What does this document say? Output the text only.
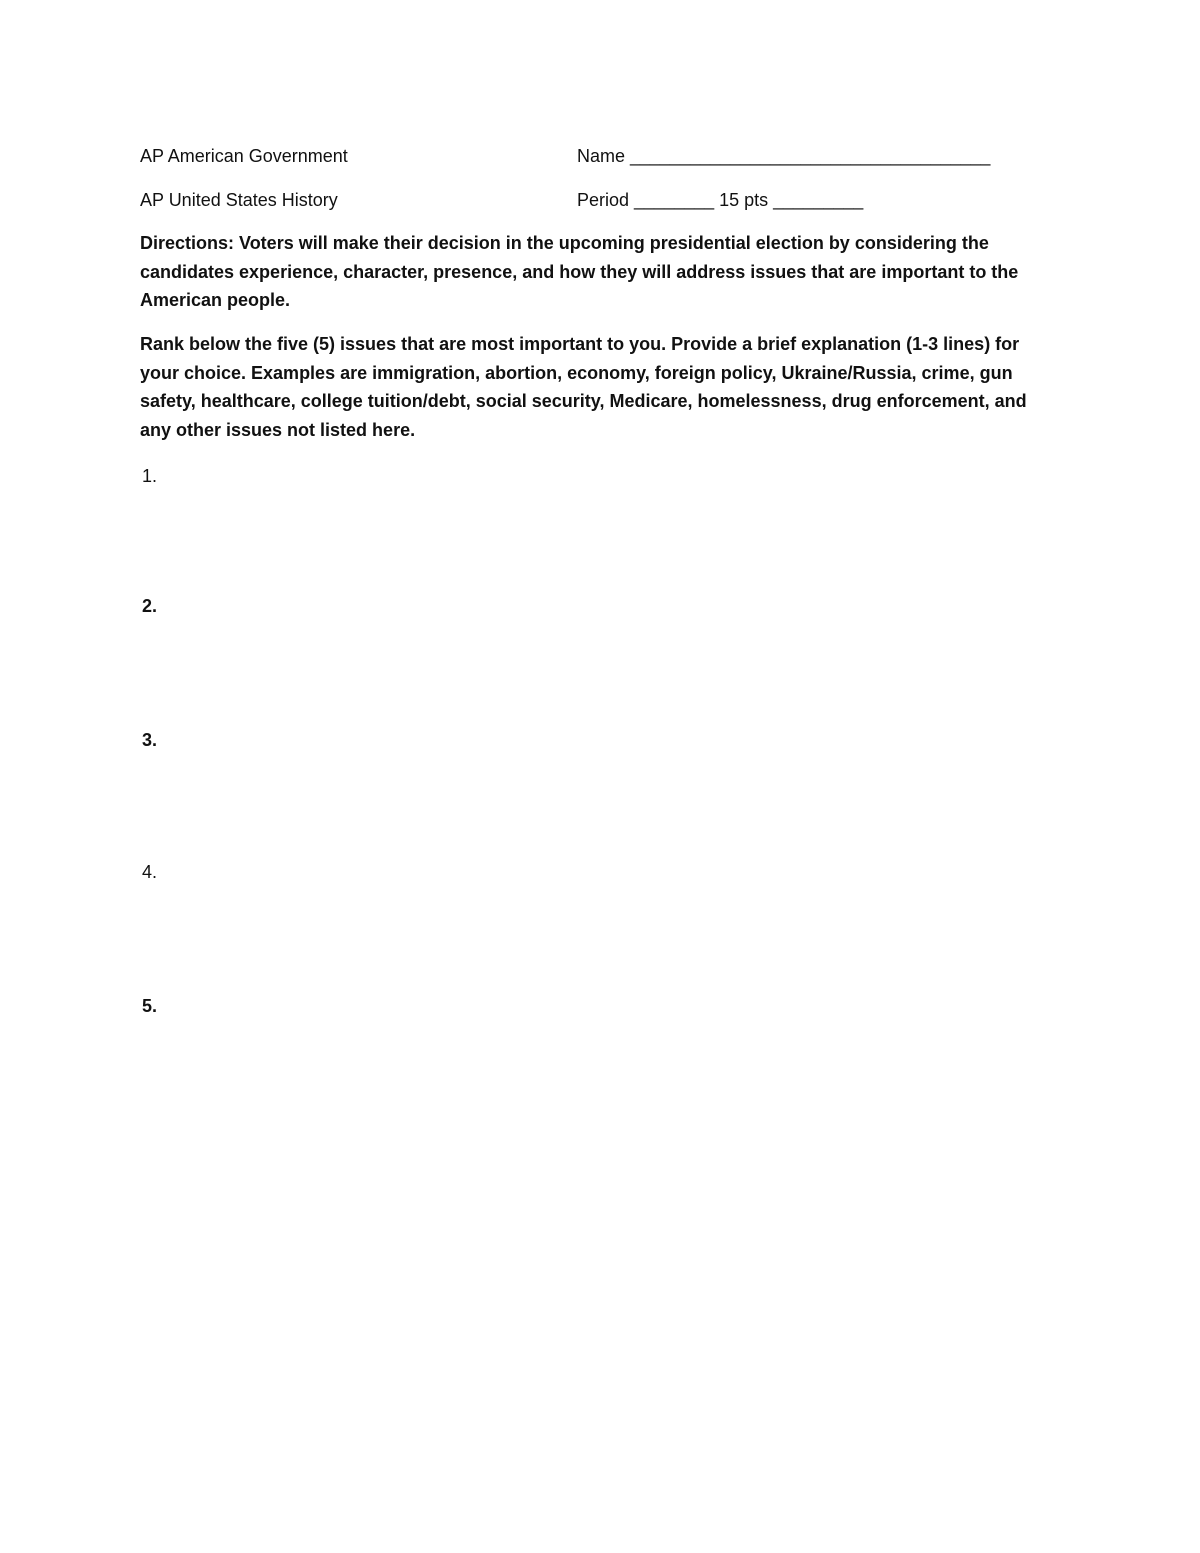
AP American Government	Name ____________________________________
AP United States History	Period ________ 15 pts _________

Directions: Voters will make their decision in the upcoming presidential election by considering the candidates experience, character, presence, and how they will address issues that are important to the American people.

Rank below the five (5) issues that are most important to you. Provide a brief explanation (1-3 lines) for your choice. Examples are immigration, abortion, economy, foreign policy, Ukraine/Russia, crime, gun safety, healthcare, college tuition/debt, social security, Medicare, homelessness, drug enforcement, and any other issues not listed here.

1.
2.
3.
4.
5.
